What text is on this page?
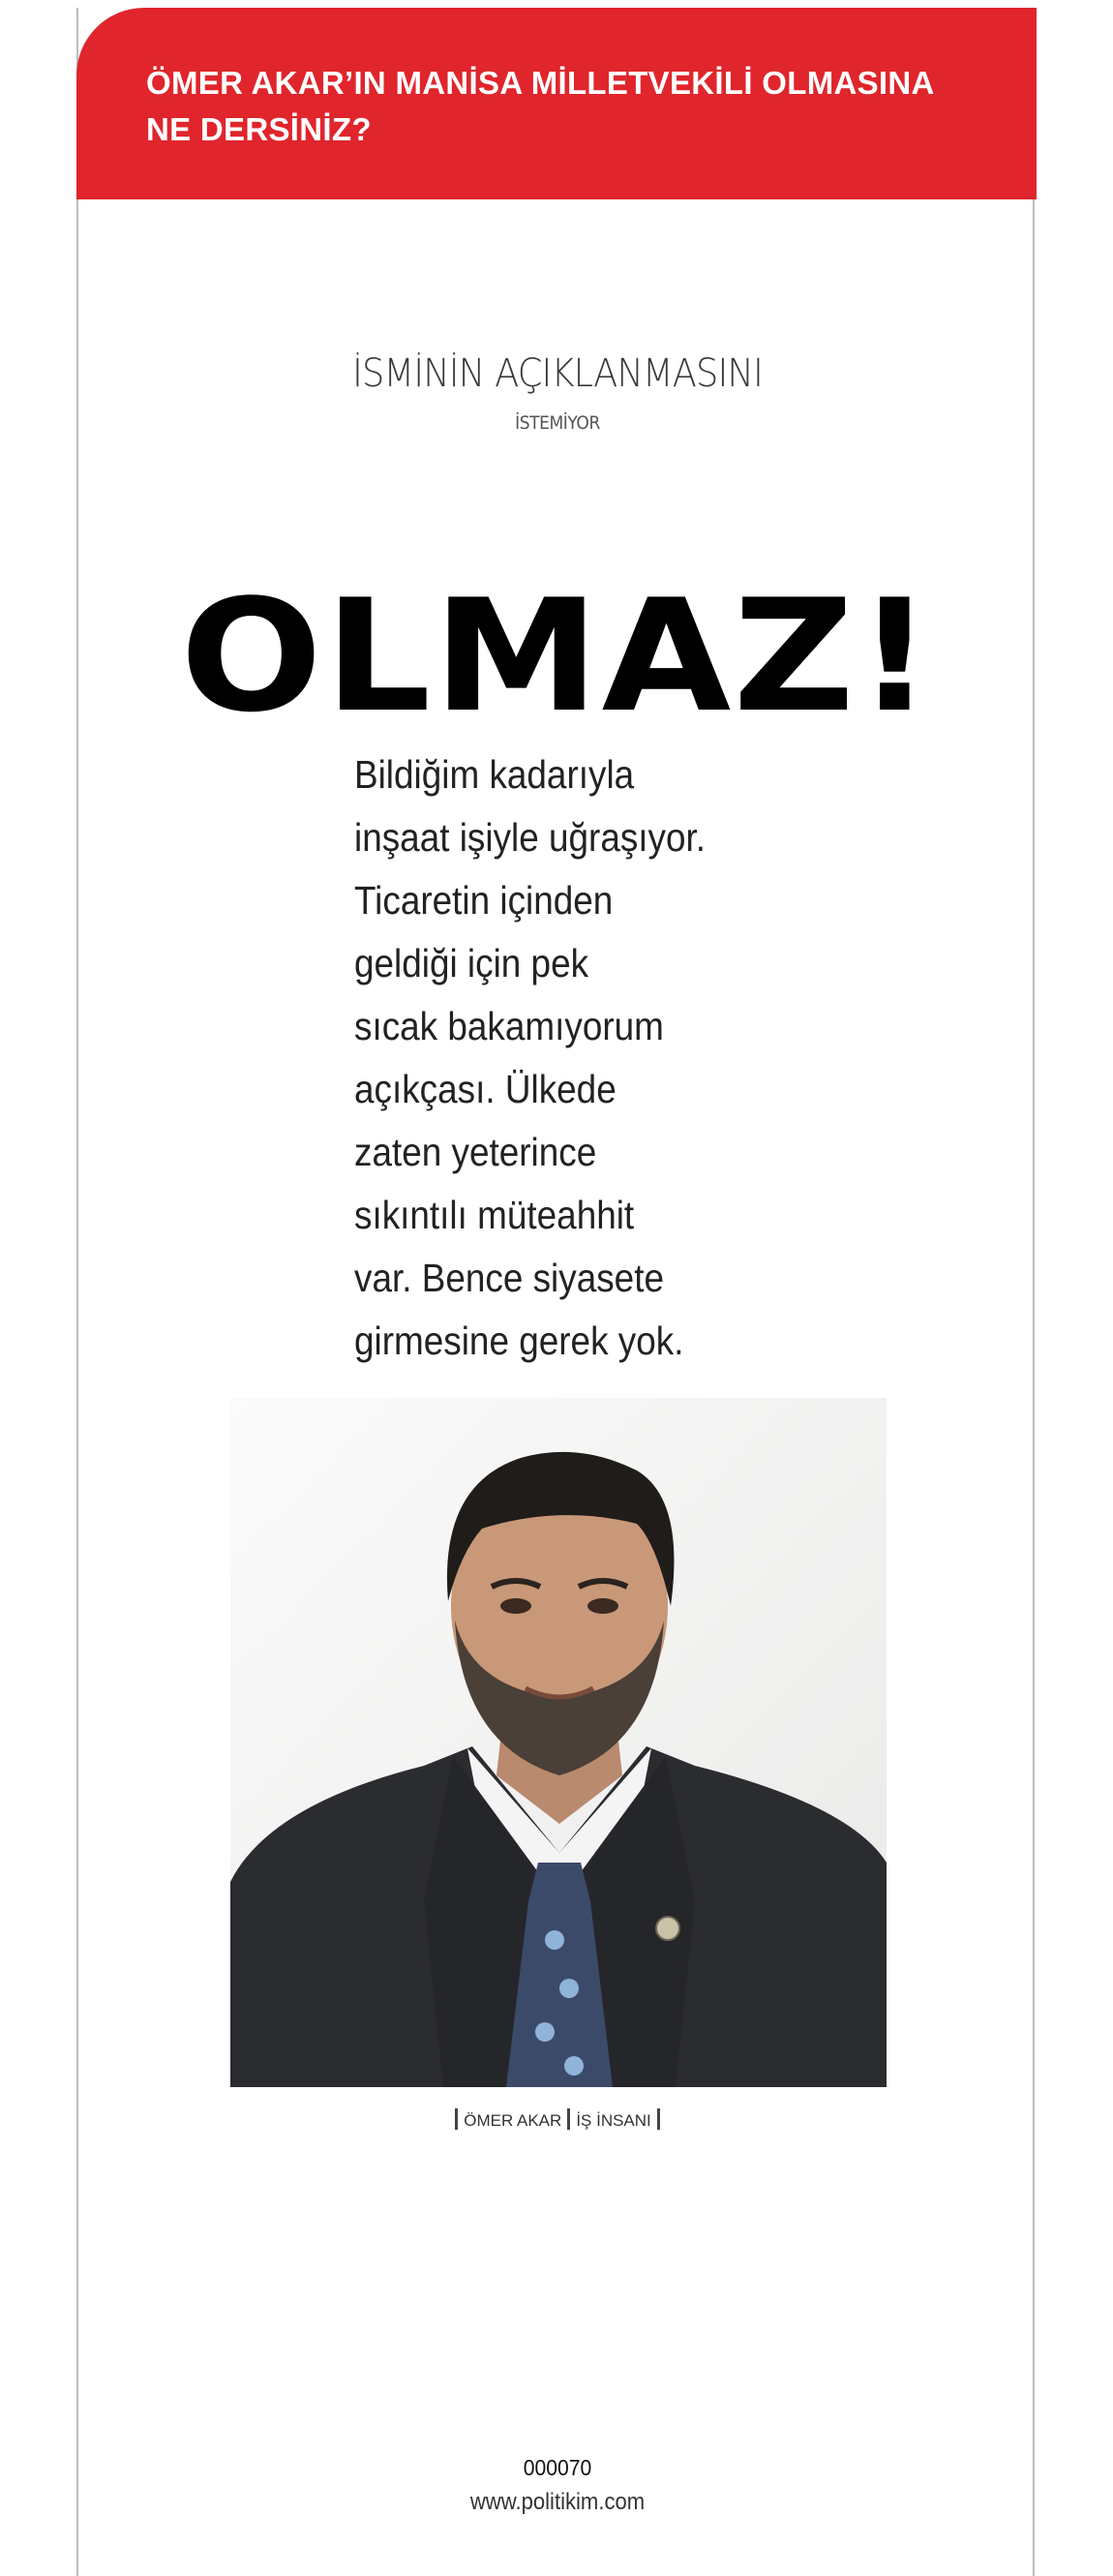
ÖMER AKAR’IN MANİSA MİLLETVEKİLİ OLMASINA
NE DERSİNİZ?
İSMİNİN AÇIKLANMASINI
İSTEMİYOR
OLMAZ!
Bildiğim kadarıyla
inşaat işiyle uğraşıyor.
Ticaretin içinden
geldiği için pek
sıcak bakamıyorum
açıkçası. Ülkede
zaten yeterince
sıkıntılı müteahhit
var. Bence siyasete
girmesine gerek yok.
ÖMER AKAR İŞ İNSANI
000070
www.politikim.com
